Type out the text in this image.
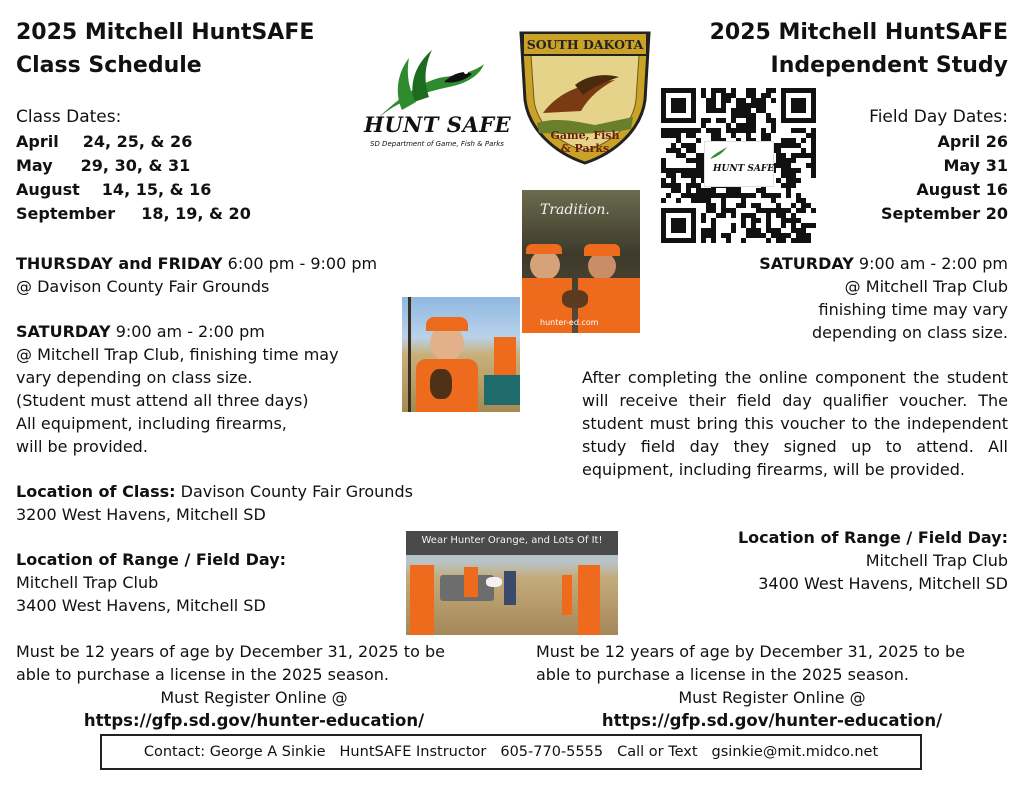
2025 Mitchell HuntSAFE
Class Schedule
Class Dates:
April 24, 25, & 26
May 29, 30, & 31
August 14, 15, & 16
September 18, 19, & 20
THURSDAY and FRIDAY 6:00 pm - 9:00 pm
@ Davison County Fair Grounds
SATURDAY 9:00 am - 2:00 pm
@ Mitchell Trap Club, finishing time may
vary depending on class size.
(Student must attend all three days)
All equipment, including firearms,
will be provided.
Location of Class: Davison County Fair Grounds
3200 West Havens, Mitchell SD
Location of Range / Field Day:
Mitchell Trap Club
3400 West Havens, Mitchell SD
Must be 12 years of age by December 31, 2025 to be
able to purchase a license in the 2025 season.
Must Register Online @
https://gfp.sd.gov/hunter-education/
2025 Mitchell HuntSAFE
Independent Study
Field Day Dates:
April 26
May 31
August 16
September 20
SATURDAY 9:00 am - 2:00 pm
@ Mitchell Trap Club
finishing time may vary
depending on class size.
After completing the online component the student will receive their field day qualifier voucher. The student must bring this voucher to the independent study field day they signed up to attend. All equipment, including firearms, will be provided.
Location of Range / Field Day:
Mitchell Trap Club
3400 West Havens, Mitchell SD
Must be 12 years of age by December 31, 2025 to be
able to purchase a license in the 2025 season.
Must Register Online @
https://gfp.sd.gov/hunter-education/
HUNT SAFE
SD Department of Game, Fish & Parks
SOUTH DAKOTA
Game, Fish & Parks
HUNT SAFE
Tradition.
hunter-ed.com
Wear Hunter Orange, and Lots Of It!
Contact: George A Sinkie HuntSAFE Instructor 605-770-5555 Call or Text gsinkie@mit.midco.net
